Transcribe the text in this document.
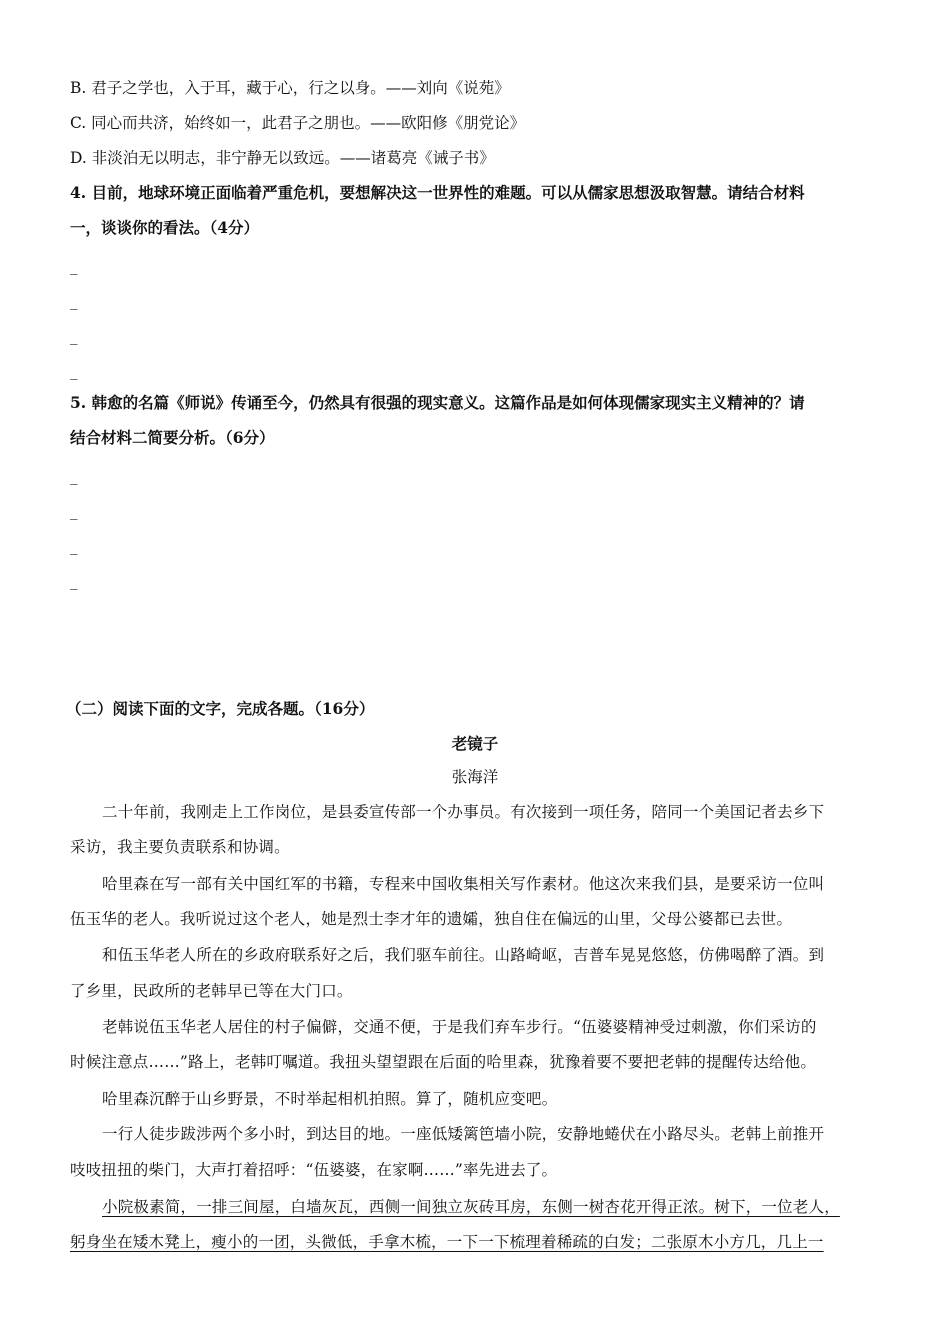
B. 君子之学也，入于耳，藏于心，行之以身。——刘向《说苑》
C. 同心而共济，始终如一，此君子之朋也。——欧阳修《朋党论》
D. 非淡泊无以明志，非宁静无以致远。——诸葛亮《诫子书》
4. 目前，地球环境正面临着严重危机，要想解决这一世界性的难题。可以从儒家思想汲取智慧。请结合材料
一，谈谈你的看法。（4分）
_
_
_
_
5. 韩愈的名篇《师说》传诵至今，仍然具有很强的现实意义。这篇作品是如何体现儒家现实主义精神的？请
结合材料二简要分析。（6分）
_
_
_
_
（二）阅读下面的文字，完成各题。（16分）
老镜子
张海洋
二十年前，我刚走上工作岗位，是县委宣传部一个办事员。有次接到一项任务，陪同一个美国记者去乡下
采访，我主要负责联系和协调。
哈里森在写一部有关中国红军的书籍，专程来中国收集相关写作素材。他这次来我们县，是要采访一位叫
伍玉华的老人。我听说过这个老人，她是烈士李才年的遗孀，独自住在偏远的山里，父母公婆都已去世。
和伍玉华老人所在的乡政府联系好之后，我们驱车前往。山路崎岖，吉普车晃晃悠悠，仿佛喝醉了酒。到
了乡里，民政所的老韩早已等在大门口。
老韩说伍玉华老人居住的村子偏僻，交通不便，于是我们弃车步行。“伍婆婆精神受过刺激，你们采访的
时候注意点……”路上，老韩叮嘱道。我扭头望望跟在后面的哈里森，犹豫着要不要把老韩的提醒传达给他。
哈里森沉醉于山乡野景，不时举起相机拍照。算了，随机应变吧。
一行人徒步跋涉两个多小时，到达目的地。一座低矮篱笆墙小院，安静地蜷伏在小路尽头。老韩上前推开
吱吱扭扭的柴门，大声打着招呼：“伍婆婆，在家啊……”率先进去了。
小院极素简，一排三间屋，白墙灰瓦，西侧一间独立灰砖耳房，东侧一树杏花开得正浓。树下，一位老人，
躬身坐在矮木凳上，瘦小的一团，头微低，手拿木梳，一下一下梳理着稀疏的白发；二张原木小方几，几上一
